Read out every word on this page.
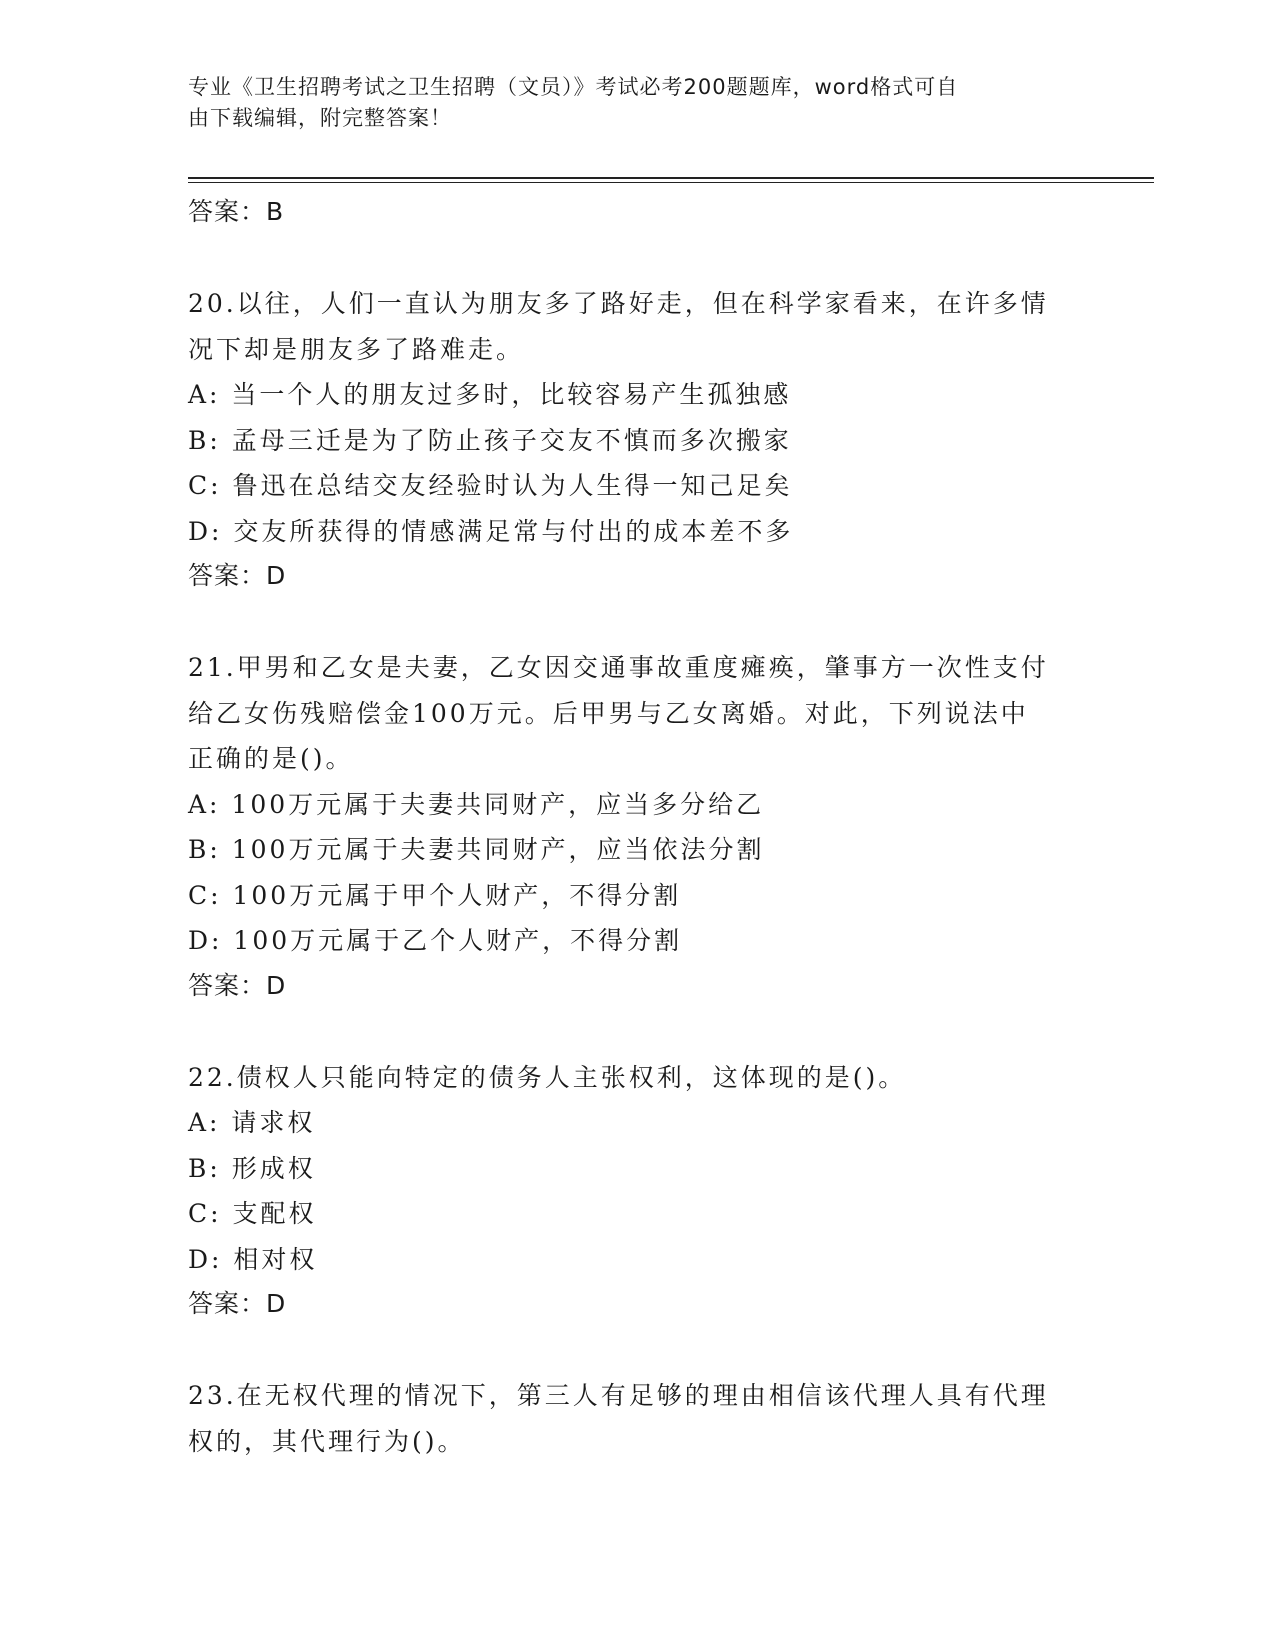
专业《卫生招聘考试之卫生招聘（文员）》考试必考200题题库，word格式可自
由下载编辑，附完整答案！
答案：B
20.以往，人们一直认为朋友多了路好走，但在科学家看来，在许多情
况下却是朋友多了路难走。
A: 当一个人的朋友过多时，比较容易产生孤独感
B: 孟母三迁是为了防止孩子交友不慎而多次搬家
C: 鲁迅在总结交友经验时认为人生得一知己足矣
D: 交友所获得的情感满足常与付出的成本差不多
答案：D
21.甲男和乙女是夫妻，乙女因交通事故重度瘫痪，肇事方一次性支付
给乙女伤残赔偿金100万元。后甲男与乙女离婚。对此，下列说法中
正确的是()。
A: 100万元属于夫妻共同财产，应当多分给乙
B: 100万元属于夫妻共同财产，应当依法分割
C: 100万元属于甲个人财产，不得分割
D: 100万元属于乙个人财产，不得分割
答案：D
22.债权人只能向特定的债务人主张权利，这体现的是()。
A: 请求权
B: 形成权
C: 支配权
D: 相对权
答案：D
23.在无权代理的情况下，第三人有足够的理由相信该代理人具有代理
权的，其代理行为()。
